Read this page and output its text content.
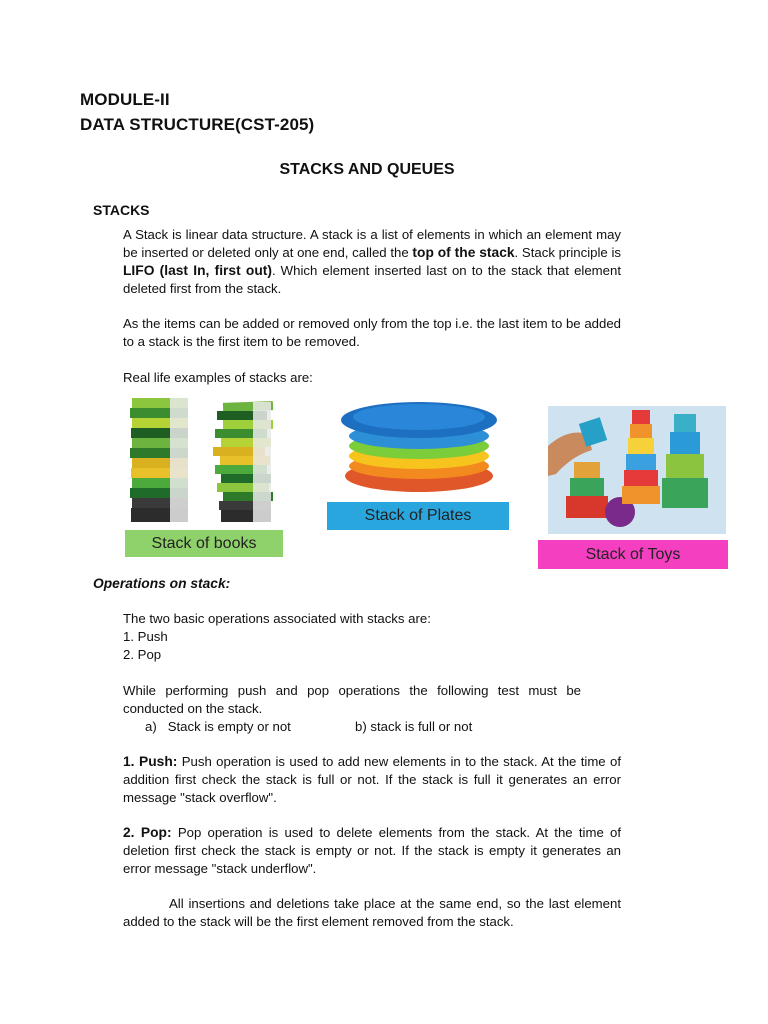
MODULE-II
DATA STRUCTURE(CST-205)
STACKS AND QUEUES
STACKS
A Stack is linear data structure. A stack is a list of elements in which an element may be inserted or deleted only at one end, called the top of the stack. Stack principle is LIFO (last In, first out). Which element inserted last on to the stack that element deleted first from the stack.
As the items can be added or removed only from the top i.e. the last item to be added to a stack is the first item to be removed.
Real life examples of stacks are:
Stack of books
Stack of Plates
Stack of Toys
Operations on stack:
The two basic operations associated with stacks are:
1. Push
2. Pop
While performing push and pop operations the following test must be conducted on the stack.
a)   Stack is empty or not	b) stack is full or not
1. Push: Push operation is used to add new elements in to the stack. At the time of addition first check the stack is full or not. If the stack is full it generates an error message "stack overflow".
2. Pop: Pop operation is used to delete elements from the stack. At the time of deletion first check the stack is empty or not. If the stack is empty it generates an error message "stack underflow".
All insertions and deletions take place at the same end, so the last element added to the stack will be the first element removed from the stack.
